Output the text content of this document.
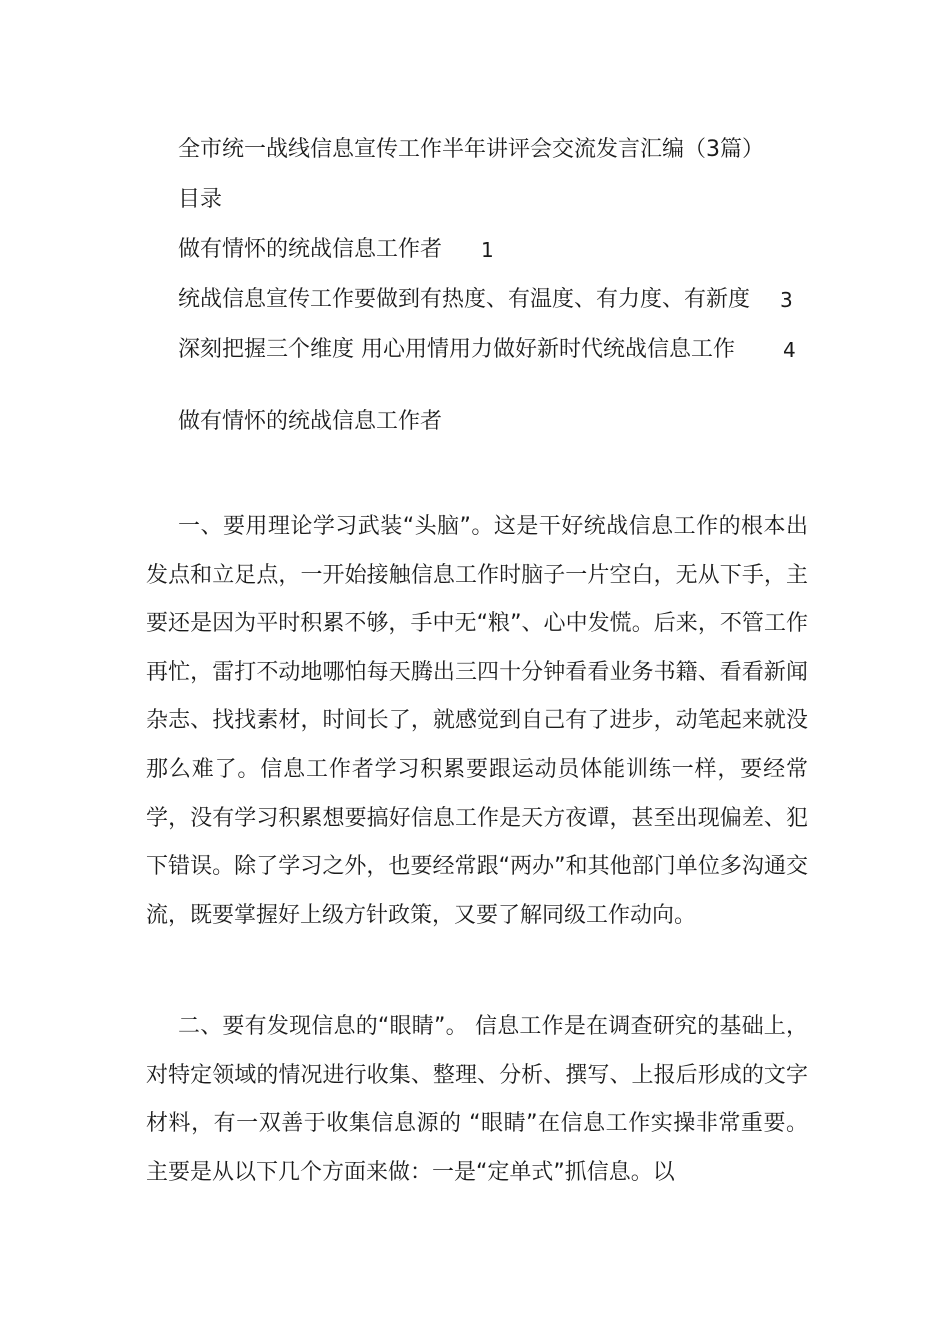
全市统一战线信息宣传工作半年讲评会交流发言汇编（3篇）
目录
做有情怀的统战信息工作者 1
统战信息宣传工作要做到有热度、有温度、有力度、有新度 3
深刻把握三个维度 用心用情用力做好新时代统战信息工作 4
做有情怀的统战信息工作者

一、要用理论学习武装“头脑”。这是干好统战信息工作的根本出发点和立足点，一开始接触信息工作时脑子一片空白，无从下手，主要还是因为平时积累不够，手中无“粮”、心中发慌。后来，不管工作再忙，雷打不动地哪怕每天腾出三四十分钟看看业务书籍、看看新闻杂志、找找素材，时间长了，就感觉到自己有了进步，动笔起来就没那么难了。信息工作者学习积累要跟运动员体能训练一样，要经常学，没有学习积累想要搞好信息工作是天方夜谭，甚至出现偏差、犯下错误。除了学习之外，也要经常跟“两办”和其他部门单位多沟通交流，既要掌握好上级方针政策，又要了解同级工作动向。

二、要有发现信息的“眼睛”。 信息工作是在调查研究的基础上，对特定领域的情况进行收集、整理、分析、撰写、上报后形成的文字材料，有一双善于收集信息源的 “眼睛”在信息工作实操非常重要。主要是从以下几个方面来做：一是“定单式”抓信息。以
